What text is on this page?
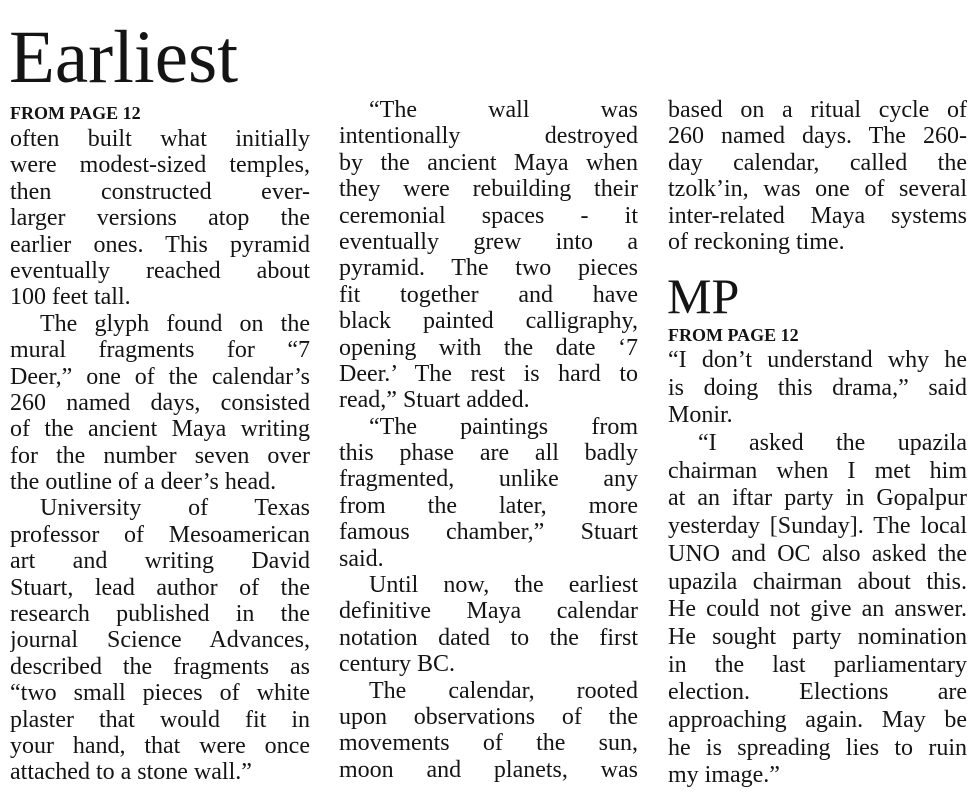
Earliest
FROM PAGE 12
often built what initially
were modest-sized temples,
then constructed ever-
larger versions atop the
earlier ones. This pyramid
eventually reached about
100 feet tall.
The glyph found on the
mural fragments for “7
Deer,” one of the calendar’s
260 named days, consisted
of the ancient Maya writing
for the number seven over
the outline of a deer’s head.
University of Texas
professor of Mesoamerican
art and writing David
Stuart, lead author of the
research published in the
journal Science Advances,
described the fragments as
“two small pieces of white
plaster that would fit in
your hand, that were once
attached to a stone wall.”
“The wall was
intentionally destroyed
by the ancient Maya when
they were rebuilding their
ceremonial spaces - it
eventually grew into a
pyramid. The two pieces
fit together and have
black painted calligraphy,
opening with the date ‘7
Deer.’ The rest is hard to
read,” Stuart added.
“The paintings from
this phase are all badly
fragmented, unlike any
from the later, more
famous chamber,” Stuart
said.
Until now, the earliest
definitive Maya calendar
notation dated to the first
century BC.
The calendar, rooted
upon observations of the
movements of the sun,
moon and planets, was
based on a ritual cycle of
260 named days. The 260-
day calendar, called the
tzolk’in, was one of several
inter-related Maya systems
of reckoning time.
MP
FROM PAGE 12
“I don’t understand why he
is doing this drama,” said
Monir.
“I asked the upazila
chairman when I met him
at an iftar party in Gopalpur
yesterday [Sunday]. The local
UNO and OC also asked the
upazila chairman about this.
He could not give an answer.
He sought party nomination
in the last parliamentary
election. Elections are
approaching again. May be
he is spreading lies to ruin
my image.”
